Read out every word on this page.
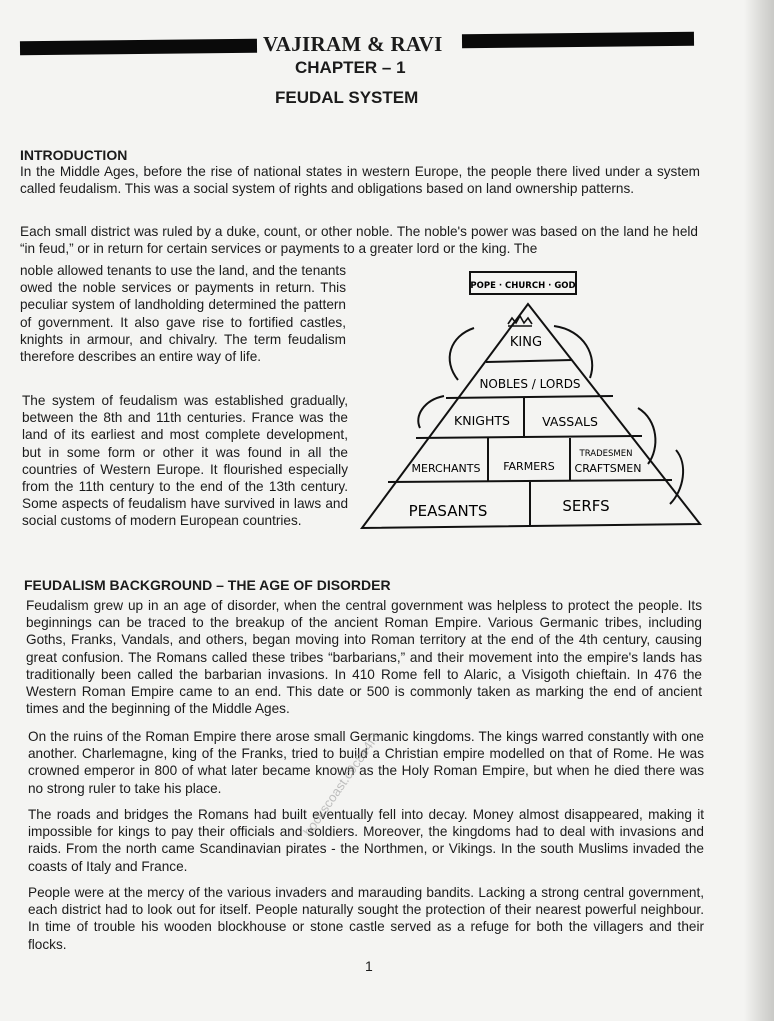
VAJIRAM & RAVI
CHAPTER – 1
FEUDAL SYSTEM
INTRODUCTION
In the Middle Ages, before the rise of national states in western Europe, the people there lived under a system called feudalism. This was a social system of rights and obligations based on land ownership patterns.
Each small district was ruled by a duke, count, or other noble. The noble's power was based on the land he held “in feud,” or in return for certain services or payments to a greater lord or the king. The
noble allowed tenants to use the land, and the tenants owed the noble services or payments in return. This peculiar system of landholding determined the pattern of government. It also gave rise to fortified castles, knights in armour, and chivalry. The term feudalism therefore describes an entire way of life.
The system of feudalism was established gradually, between the 8th and 11th centuries. France was the land of its earliest and most complete development, but in some form or other it was found in all the countries of Western Europe. It flourished especially from the 11th century to the end of the 13th century. Some aspects of feudalism have survived in laws and social customs of modern European countries.
POPE · CHURCH · GOD
KING
NOBLES / LORDS
KNIGHTS	VASSALS
MERCHANTS FARMERS
TRADESMEN
CRAFTSMEN
PEASANTS	SERFS
FEUDALISM BACKGROUND – THE AGE OF DISORDER
Feudalism grew up in an age of disorder, when the central government was helpless to protect the people. Its beginnings can be traced to the breakup of the ancient Roman Empire. Various Germanic tribes, including Goths, Franks, Vandals, and others, began moving into Roman territory at the end of the 4th century, causing great confusion. The Romans called these tribes “barbarians,” and their movement into the empire's lands has traditionally been called the barbarian invasions. In 410 Rome fell to Alaric, a Visigoth chieftain. In 476 the Western Roman Empire came to an end. This date or 500 is commonly taken as marking the end of ancient times and the beginning of the Middle Ages.
On the ruins of the Roman Empire there arose small Germanic kingdoms. The kings warred constantly with one another. Charlemagne, king of the Franks, tried to build a Christian empire modelled on that of Rome. He was crowned emperor in 800 of what later became known as the Holy Roman Empire, but when he died there was no strong ruler to take his place.
The roads and bridges the Romans had built eventually fell into decay. Money almost disappeared, making it impossible for kings to pay their officials and soldiers. Moreover, the kingdoms had to deal with invasions and raids. From the north came Scandinavian pirates - the Northmen, or Vikings. In the south Muslims invaded the coasts of Italy and France.
People were at the mercy of the various invaders and marauding bandits. Lacking a strong central government, each district had to look out for itself. People naturally sought the protection of their nearest powerful neighbour. In time of trouble his wooden blockhouse or stone castle served as a refuge for both the villagers and their flocks.
bookscoast.c9c8e4f3
1
